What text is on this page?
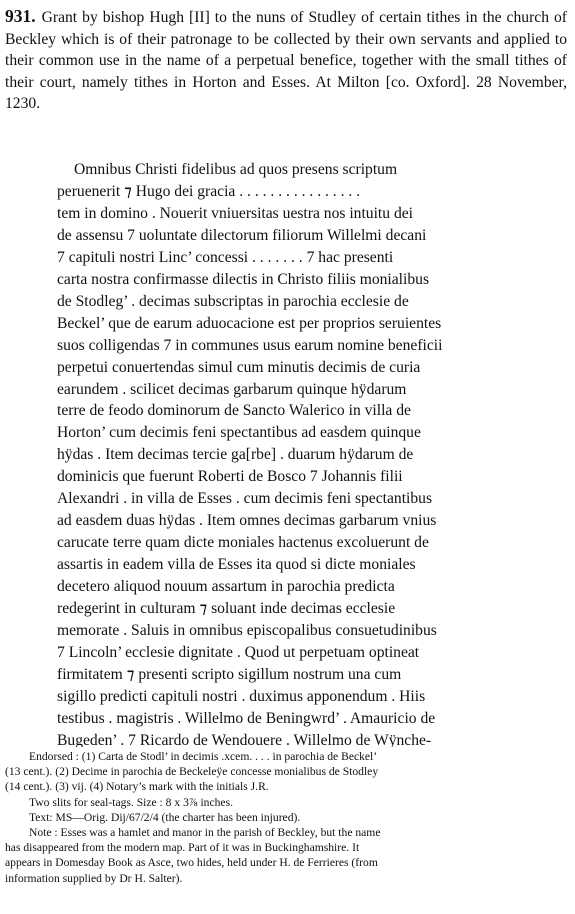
931. Grant by bishop Hugh [II] to the nuns of Studley of certain tithes in the church of Beckley which is of their patronage to be collected by their own servants and applied to their common use in the name of a perpetual benefice, together with the small tithes of their court, namely tithes in Horton and Esses. At Milton [co. Oxford]. 28 November, 1230.

Omnibus Christi fidelibus ad quos presens scriptum
peruenerit ⁊ Hugo dei gracia . . . . . . . . . . . . . . . .
tem in domino . Nouerit vniuersitas uestra nos intuitu dei
de assensu 7 uoluntate dilectorum filiorum Willelmi decani
7 capituli nostri Linc’ concessi . . . . . . . 7 hac presenti
carta nostra confirmasse dilectis in Christo filiis monialibus
de Stodleg’ . decimas subscriptas in parochia ecclesie de
Beckel’ que de earum aduocacione est per proprios seruientes
suos colligendas 7 in communes usus earum nomine beneficii
perpetui conuertendas simul cum minutis decimis de curia
earundem . scilicet decimas garbarum quinque hÿdarum
terre de feodo dominorum de Sancto Walerico in villa de
Horton’ cum decimis feni spectantibus ad easdem quinque
hÿdas . Item decimas tercie ga[rbe] . duarum hÿdarum de
dominicis que fuerunt Roberti de Bosco 7 Johannis filii
Alexandri . in villa de Esses . cum decimis feni spectantibus
ad easdem duas hÿdas . Item omnes decimas garbarum vnius
carucate terre quam dicte moniales hactenus excoluerunt de
assartis in eadem villa de Esses ita quod si dicte moniales
decetero aliquod nouum assartum in parochia predicta
redegerint in culturam ⁊ soluant inde decimas ecclesie
memorate . Saluis in omnibus episcopalibus consuetudinibus
7 Lincoln’ ecclesie dignitate . Quod ut perpetuam optineat
firmitatem ⁊ presenti scripto sigillum nostrum una cum
sigillo predicti capituli nostri . duximus apponendum . Hiis
testibus . magistris . Willelmo de Beningwrd’ . Amauricio de
Bugeden’ . 7 Ricardo de Wendouere . Willelmo de Wÿnche-
Endorsed : (1) Carta de Stodl’ in decimis .xcem. . . . in parochia de Beckel’
(13 cent.). (2) Decime in parochia de Beckeleÿe concesse monialibus de Stodley
(14 cent.). (3) vij. (4) Notary’s mark with the initials J.R.
Two slits for seal-tags. Size : 8 x 3⅞ inches.
Text: MS—Orig. Dij/67/2/4 (the charter has been injured).
Note : Esses was a hamlet and manor in the parish of Beckley, but the name
has disappeared from the modern map. Part of it was in Buckinghamshire. It
appears in Domesday Book as Asce, two hides, held under H. de Ferrieres (from
information supplied by Dr H. Salter).
